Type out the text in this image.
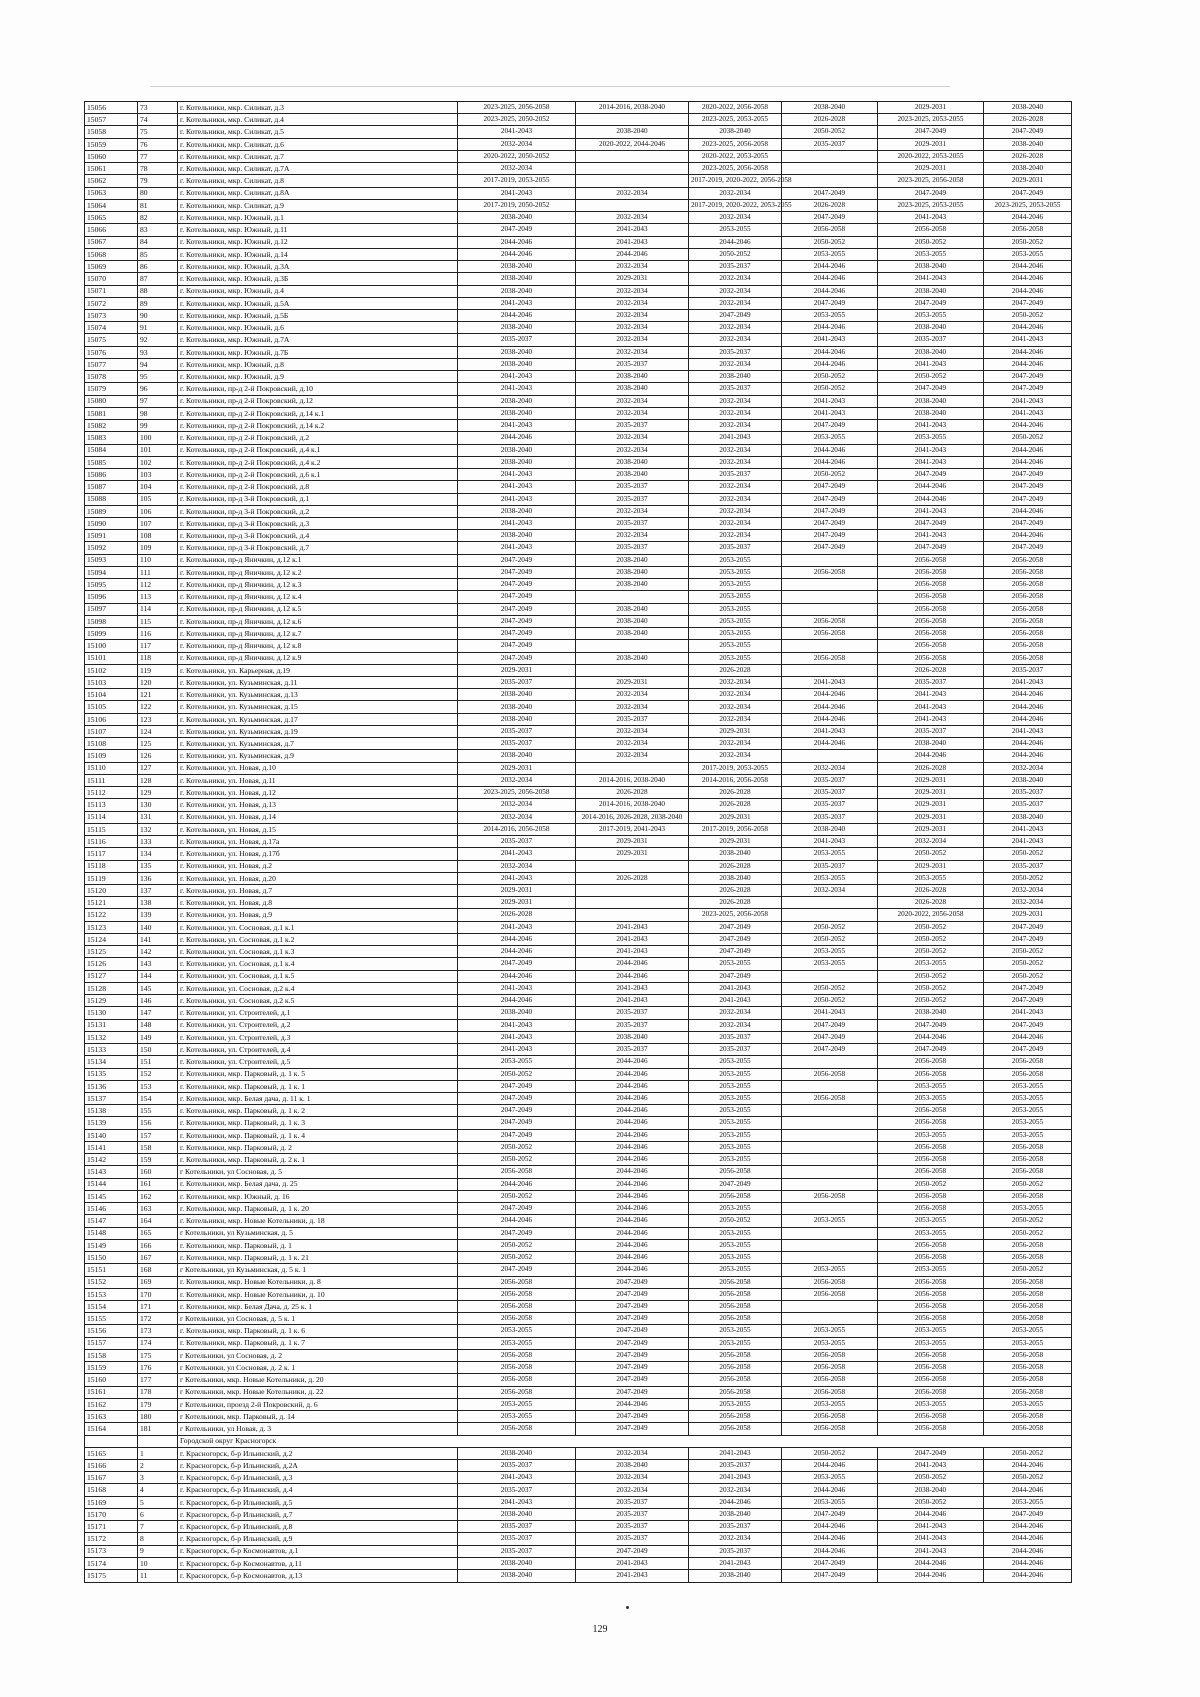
15056	73	г. Котельники, мкр. Силикат, д.3	2023-2025, 2056-2058	2014-2016, 2038-2040	2020-2022, 2056-2058	2038-2040	2029-2031	2038-2040
15057	74	г. Котельники, мкр. Силикат, д.4	2023-2025, 2050-2052		2023-2025, 2053-2055	2026-2028	2023-2025, 2053-2055	2026-2028
15058	75	г. Котельники, мкр. Силикат, д.5	2041-2043	2038-2040	2038-2040	2050-2052	2047-2049	2047-2049
15059	76	г. Котельники, мкр. Силикат, д.6	2032-2034	2020-2022, 2044-2046	2023-2025, 2056-2058	2035-2037	2029-2031	2038-2040
15060	77	г. Котельники, мкр. Силикат, д.7	2020-2022, 2050-2052		2020-2022, 2053-2055		2020-2022, 2053-2055	2026-2028
15061	78	г. Котельники, мкр. Силикат, д.7А	2032-2034		2023-2025, 2056-2058		2029-2031	2038-2040
15062	79	г. Котельники, мкр. Силикат, д.8	2017-2019, 2053-2055		2017-2019, 2020-2022, 2056-2058		2023-2025, 2056-2058	2029-2031
15063	80	г. Котельники, мкр. Силикат, д.8А	2041-2043	2032-2034	2032-2034	2047-2049	2047-2049	2047-2049
15064	81	г. Котельники, мкр. Силикат, д.9	2017-2019, 2050-2052		2017-2019, 2020-2022, 2053-2055	2026-2028	2023-2025, 2053-2055	2023-2025, 2053-2055
15065	82	г. Котельники, мкр. Южный, д.1	2038-2040	2032-2034	2032-2034	2047-2049	2041-2043	2044-2046
15066	83	г. Котельники, мкр. Южный, д.11	2047-2049	2041-2043	2053-2055	2056-2058	2056-2058	2056-2058
15067	84	г. Котельники, мкр. Южный, д.12	2044-2046	2041-2043	2044-2046	2050-2052	2050-2052	2050-2052
15068	85	г. Котельники, мкр. Южный, д.14	2044-2046	2044-2046	2050-2052	2053-2055	2053-2055	2053-2055
15069	86	г. Котельники, мкр. Южный, д.3А	2038-2040	2032-2034	2035-2037	2044-2046	2038-2040	2044-2046
15070	87	г. Котельники, мкр. Южный, д.3Б	2038-2040	2029-2031	2032-2034	2044-2046	2041-2043	2044-2046
15071	88	г. Котельники, мкр. Южный, д.4	2038-2040	2032-2034	2032-2034	2044-2046	2038-2040	2044-2046
15072	89	г. Котельники, мкр. Южный, д.5А	2041-2043	2032-2034	2032-2034	2047-2049	2047-2049	2047-2049
15073	90	г. Котельники, мкр. Южный, д.5Б	2044-2046	2032-2034	2047-2049	2053-2055	2053-2055	2050-2052
15074	91	г. Котельники, мкр. Южный, д.6	2038-2040	2032-2034	2032-2034	2044-2046	2038-2040	2044-2046
15075	92	г. Котельники, мкр. Южный, д.7А	2035-2037	2032-2034	2032-2034	2041-2043	2035-2037	2041-2043
15076	93	г. Котельники, мкр. Южный, д.7Б	2038-2040	2032-2034	2035-2037	2044-2046	2038-2040	2044-2046
15077	94	г. Котельники, мкр. Южный, д.8	2038-2040	2035-2037	2032-2034	2044-2046	2041-2043	2044-2046
15078	95	г. Котельники, мкр. Южный, д.9	2041-2043	2038-2040	2038-2040	2050-2052	2050-2052	2047-2049
15079	96	г. Котельники, пр-д 2-й Покровский, д.10	2041-2043	2038-2040	2035-2037	2050-2052	2047-2049	2047-2049
15080	97	г. Котельники, пр-д 2-й Покровский, д.12	2038-2040	2032-2034	2032-2034	2041-2043	2038-2040	2041-2043
15081	98	г. Котельники, пр-д 2-й Покровский, д.14 к.1	2038-2040	2032-2034	2032-2034	2041-2043	2038-2040	2041-2043
15082	99	г. Котельники, пр-д 2-й Покровский, д.14 к.2	2041-2043	2035-2037	2032-2034	2047-2049	2041-2043	2044-2046
15083	100	г. Котельники, пр-д 2-й Покровский, д.2	2044-2046	2032-2034	2041-2043	2053-2055	2053-2055	2050-2052
15084	101	г. Котельники, пр-д 2-й Покровский, д.4 к.1	2038-2040	2032-2034	2032-2034	2044-2046	2041-2043	2044-2046
15085	102	г. Котельники, пр-д 2-й Покровский, д.4 к.2	2038-2040	2038-2040	2032-2034	2044-2046	2041-2043	2044-2046
15086	103	г. Котельники, пр-д 2-й Покровский, д.6 к.1	2041-2043	2038-2040	2035-2037	2050-2052	2047-2049	2047-2049
15087	104	г. Котельники, пр-д 2-й Покровский, д.8	2041-2043	2035-2037	2032-2034	2047-2049	2044-2046	2047-2049
15088	105	г. Котельники, пр-д 3-й Покровский, д.1	2041-2043	2035-2037	2032-2034	2047-2049	2044-2046	2047-2049
15089	106	г. Котельники, пр-д 3-й Покровский, д.2	2038-2040	2032-2034	2032-2034	2047-2049	2041-2043	2044-2046
15090	107	г. Котельники, пр-д 3-й Покровский, д.3	2041-2043	2035-2037	2032-2034	2047-2049	2047-2049	2047-2049
15091	108	г. Котельники, пр-д 3-й Покровский, д.4	2038-2040	2032-2034	2032-2034	2047-2049	2041-2043	2044-2046
15092	109	г. Котельники, пр-д 3-й Покровский, д.7	2041-2043	2035-2037	2035-2037	2047-2049	2047-2049	2047-2049
15093	110	г. Котельники, пр-д Яничкин, д.12 к.1	2047-2049	2038-2040	2053-2055		2056-2058	2056-2058
15094	111	г. Котельники, пр-д Яничкин, д.12 к.2	2047-2049	2038-2040	2053-2055	2056-2058	2056-2058	2056-2058
15095	112	г. Котельники, пр-д Яничкин, д.12 к.3	2047-2049	2038-2040	2053-2055		2056-2058	2056-2058
15096	113	г. Котельники, пр-д Яничкин, д.12 к.4	2047-2049		2053-2055		2056-2058	2056-2058
15097	114	г. Котельники, пр-д Яничкин, д.12 к.5	2047-2049	2038-2040	2053-2055		2056-2058	2056-2058
15098	115	г. Котельники, пр-д Яничкин, д.12 к.6	2047-2049	2038-2040	2053-2055	2056-2058	2056-2058	2056-2058
15099	116	г. Котельники, пр-д Яничкин, д.12 к.7	2047-2049	2038-2040	2053-2055	2056-2058	2056-2058	2056-2058
15100	117	г. Котельники, пр-д Яничкин, д.12 к.8	2047-2049		2053-2055		2056-2058	2056-2058
15101	118	г. Котельники, пр-д Яничкин, д.12 к.9	2047-2049	2038-2040	2053-2055	2056-2058	2056-2058	2056-2058
15102	119	г. Котельники, ул. Карьерная, д.19	2029-2031		2026-2028		2026-2028	2035-2037
15103	120	г. Котельники, ул. Кузьминская, д.11	2035-2037	2029-2031	2032-2034	2041-2043	2035-2037	2041-2043
15104	121	г. Котельники, ул. Кузьминская, д.13	2038-2040	2032-2034	2032-2034	2044-2046	2041-2043	2044-2046
15105	122	г. Котельники, ул. Кузьминская, д.15	2038-2040	2032-2034	2032-2034	2044-2046	2041-2043	2044-2046
15106	123	г. Котельники, ул. Кузьминская, д.17	2038-2040	2035-2037	2032-2034	2044-2046	2041-2043	2044-2046
15107	124	г. Котельники, ул. Кузьминская, д.19	2035-2037	2032-2034	2029-2031	2041-2043	2035-2037	2041-2043
15108	125	г. Котельники, ул. Кузьминская, д.7	2035-2037	2032-2034	2032-2034	2044-2046	2038-2040	2044-2046
15109	126	г. Котельники, ул. Кузьминская, д.9	2038-2040	2032-2034	2032-2034		2044-2046	2044-2046
15110	127	г. Котельники, ул. Новая, д.10	2029-2031		2017-2019, 2053-2055	2032-2034	2026-2028	2032-2034
15111	128	г. Котельники, ул. Новая, д.11	2032-2034	2014-2016, 2038-2040	2014-2016, 2056-2058	2035-2037	2029-2031	2038-2040
15112	129	г. Котельники, ул. Новая, д.12	2023-2025, 2056-2058	2026-2028	2026-2028	2035-2037	2029-2031	2035-2037
15113	130	г. Котельники, ул. Новая, д.13	2032-2034	2014-2016, 2038-2040	2026-2028	2035-2037	2029-2031	2035-2037
15114	131	г. Котельники, ул. Новая, д.14	2032-2034	2014-2016, 2026-2028, 2038-2040	2029-2031	2035-2037	2029-2031	2038-2040
15115	132	г. Котельники, ул. Новая, д.15	2014-2016, 2056-2058	2017-2019, 2041-2043	2017-2019, 2056-2058	2038-2040	2029-2031	2041-2043
15116	133	г. Котельники, ул. Новая, д.17а	2035-2037	2029-2031	2029-2031	2041-2043	2032-2034	2041-2043
15117	134	г. Котельники, ул. Новая, д.17б	2041-2043	2029-2031	2038-2040	2053-2055	2050-2052	2050-2052
15118	135	г. Котельники, ул. Новая, д.2	2032-2034		2026-2028	2035-2037	2029-2031	2035-2037
15119	136	г. Котельники, ул. Новая, д.20	2041-2043	2026-2028	2038-2040	2053-2055	2053-2055	2050-2052
15120	137	г. Котельники, ул. Новая, д.7	2029-2031		2026-2028	2032-2034	2026-2028	2032-2034
15121	138	г. Котельники, ул. Новая, д.8	2029-2031		2026-2028		2026-2028	2032-2034
15122	139	г. Котельники, ул. Новая, д.9	2026-2028		2023-2025, 2056-2058		2020-2022, 2056-2058	2029-2031
15123	140	г. Котельники, ул. Сосновая, д.1 к.1	2041-2043	2041-2043	2047-2049	2050-2052	2050-2052	2047-2049
15124	141	г. Котельники, ул. Сосновая, д.1 к.2	2044-2046	2041-2043	2047-2049	2050-2052	2050-2052	2047-2049
15125	142	г. Котельники, ул. Сосновая, д.1 к.3	2044-2046	2041-2043	2047-2049	2053-2055	2050-2052	2050-2052
15126	143	г. Котельники, ул. Сосновая, д.1 к.4	2047-2049	2044-2046	2053-2055	2053-2055	2053-2055	2050-2052
15127	144	г. Котельники, ул. Сосновая, д.1 к.5	2044-2046	2044-2046	2047-2049		2050-2052	2050-2052
15128	145	г. Котельники, ул. Сосновая, д.2 к.4	2041-2043	2041-2043	2041-2043	2050-2052	2050-2052	2047-2049
15129	146	г. Котельники, ул. Сосновая, д.2 к.5	2044-2046	2041-2043	2041-2043	2050-2052	2050-2052	2047-2049
15130	147	г. Котельники, ул. Строителей, д.1	2038-2040	2035-2037	2032-2034	2041-2043	2038-2040	2041-2043
15131	148	г. Котельники, ул. Строителей, д.2	2041-2043	2035-2037	2032-2034	2047-2049	2047-2049	2047-2049
15132	149	г. Котельники, ул. Строителей, д.3	2041-2043	2038-2040	2035-2037	2047-2049	2044-2046	2044-2046
15133	150	г. Котельники, ул. Строителей, д.4	2041-2043	2035-2037	2035-2037	2047-2049	2047-2049	2047-2049
15134	151	г. Котельники, ул. Строителей, д.5	2053-2055	2044-2046	2053-2055		2056-2058	2056-2058
15135	152	г. Котельники, мкр. Парковый, д. 1 к. 5	2050-2052	2044-2046	2053-2055	2056-2058	2056-2058	2056-2058
15136	153	г. Котельники, мкр. Парковый, д. 1 к. 1	2047-2049	2044-2046	2053-2055		2053-2055	2053-2055
15137	154	г. Котельники, мкр. Белая дача, д. 11 к. 1	2047-2049	2044-2046	2053-2055	2056-2058	2053-2055	2053-2055
15138	155	г. Котельники, мкр. Парковый, д. 1 к. 2	2047-2049	2044-2046	2053-2055		2056-2058	2053-2055
15139	156	г. Котельники, мкр. Парковый, д. 1 к. 3	2047-2049	2044-2046	2053-2055		2056-2058	2053-2055
15140	157	г. Котельники, мкр. Парковый, д. 1 к. 4	2047-2049	2044-2046	2053-2055		2053-2055	2053-2055
15141	158	г. Котельники, мкр. Парковый, д. 2	2050-2052	2044-2046	2053-2055		2056-2058	2056-2058
15142	159	г. Котельники, мкр. Парковый, д. 2 к. 1	2050-2052	2044-2046	2053-2055		2056-2058	2056-2058
15143	160	г Котельники, ул Сосновая, д. 5	2056-2058	2044-2046	2056-2058		2056-2058	2056-2058
15144	161	г. Котельники, мкр. Белая дача, д. 25	2044-2046	2044-2046	2047-2049		2050-2052	2050-2052
15145	162	г. Котельники, мкр. Южный, д. 16	2050-2052	2044-2046	2056-2058	2056-2058	2056-2058	2056-2058
15146	163	г. Котельники, мкр. Парковый, д. 1 к. 20	2047-2049	2044-2046	2053-2055		2056-2058	2053-2055
15147	164	г. Котельники, мкр. Новые Котельники, д. 18	2044-2046	2044-2046	2050-2052	2053-2055	2053-2055	2050-2052
15148	165	г Котельники, ул Кузьминская, д. 5	2047-2049	2044-2046	2053-2055		2053-2055	2050-2052
15149	166	г. Котельники, мкр. Парковый, д. 1	2050-2052	2044-2046	2053-2055		2056-2058	2056-2058
15150	167	г. Котельники, мкр. Парковый, д. 1 к. 21	2050-2052	2044-2046	2053-2055		2056-2058	2056-2058
15151	168	г Котельники, ул Кузьминская, д. 5 к. 1	2047-2049	2044-2046	2053-2055	2053-2055	2053-2055	2050-2052
15152	169	г. Котельники, мкр. Новые Котельники, д. 8	2056-2058	2047-2049	2056-2058	2056-2058	2056-2058	2056-2058
15153	170	г. Котельники, мкр. Новые Котельники, д. 10	2056-2058	2047-2049	2056-2058	2056-2058	2056-2058	2056-2058
15154	171	г. Котельники, мкр. Белая Дача, д. 25 к. 1	2056-2058	2047-2049	2056-2058		2056-2058	2056-2058
15155	172	г Котельники, ул Сосновая, д. 5 к. 1	2056-2058	2047-2049	2056-2058		2056-2058	2056-2058
15156	173	г. Котельники, мкр. Парковый, д. 1 к. 6	2053-2055	2047-2049	2053-2055	2053-2055	2053-2055	2053-2055
15157	174	г. Котельники, мкр. Парковый, д. 1 к. 7	2053-2055	2047-2049	2053-2055	2053-2055	2053-2055	2053-2055
15158	175	г Котельники, ул Сосновая, д. 2	2056-2058	2047-2049	2056-2058	2056-2058	2056-2058	2056-2058
15159	176	г Котельники, ул Сосновая, д. 2 к. 1	2056-2058	2047-2049	2056-2058	2056-2058	2056-2058	2056-2058
15160	177	г Котельники, мкр. Новые Котельники, д. 20	2056-2058	2047-2049	2056-2058	2056-2058	2056-2058	2056-2058
15161	178	г Котельники, мкр. Новые Котельники, д. 22	2056-2058	2047-2049	2056-2058	2056-2058	2056-2058	2056-2058
15162	179	г Котельники, проезд 2-й Покровский, д. 6	2053-2055	2044-2046	2053-2055	2053-2055	2053-2055	2053-2055
15163	180	г Котельники, мкр. Парковый, д. 14	2053-2055	2047-2049	2056-2058	2056-2058	2056-2058	2056-2058
15164	181	г Котельники, ул Новая, д. 3	2056-2058	2047-2049	2056-2058	2056-2058	2056-2058	2056-2058
		Городской округ Красногорск						
15165	1	г. Красногорск, б-р Ильинский, д.2	2038-2040	2032-2034	2041-2043	2050-2052	2047-2049	2050-2052
15166	2	г. Красногорск, б-р Ильинский, д.2А	2035-2037	2038-2040	2035-2037	2044-2046	2041-2043	2044-2046
15167	3	г. Красногорск, б-р Ильинский, д.3	2041-2043	2032-2034	2041-2043	2053-2055	2050-2052	2050-2052
15168	4	г. Красногорск, б-р Ильинский, д.4	2035-2037	2032-2034	2032-2034	2044-2046	2038-2040	2044-2046
15169	5	г. Красногорск, б-р Ильинский, д.5	2041-2043	2035-2037	2044-2046	2053-2055	2050-2052	2053-2055
15170	6	г. Красногорск, б-р Ильинский, д.7	2038-2040	2035-2037	2038-2040	2047-2049	2044-2046	2047-2049
15171	7	г. Красногорск, б-р Ильинский, д.8	2035-2037	2035-2037	2035-2037	2044-2046	2041-2043	2044-2046
15172	8	г. Красногорск, б-р Ильинский, д.9	2035-2037	2035-2037	2032-2034	2044-2046	2041-2043	2044-2046
15173	9	г. Красногорск, б-р Космонавтов, д.1	2035-2037	2047-2049	2035-2037	2044-2046	2041-2043	2044-2046
15174	10	г. Красногорск, б-р Космонавтов, д.11	2038-2040	2041-2043	2041-2043	2047-2049	2044-2046	2044-2046
15175	11	г. Красногорск, б-р Космонавтов, д.13	2038-2040	2041-2043	2038-2040	2047-2049	2044-2046	2044-2046
129
